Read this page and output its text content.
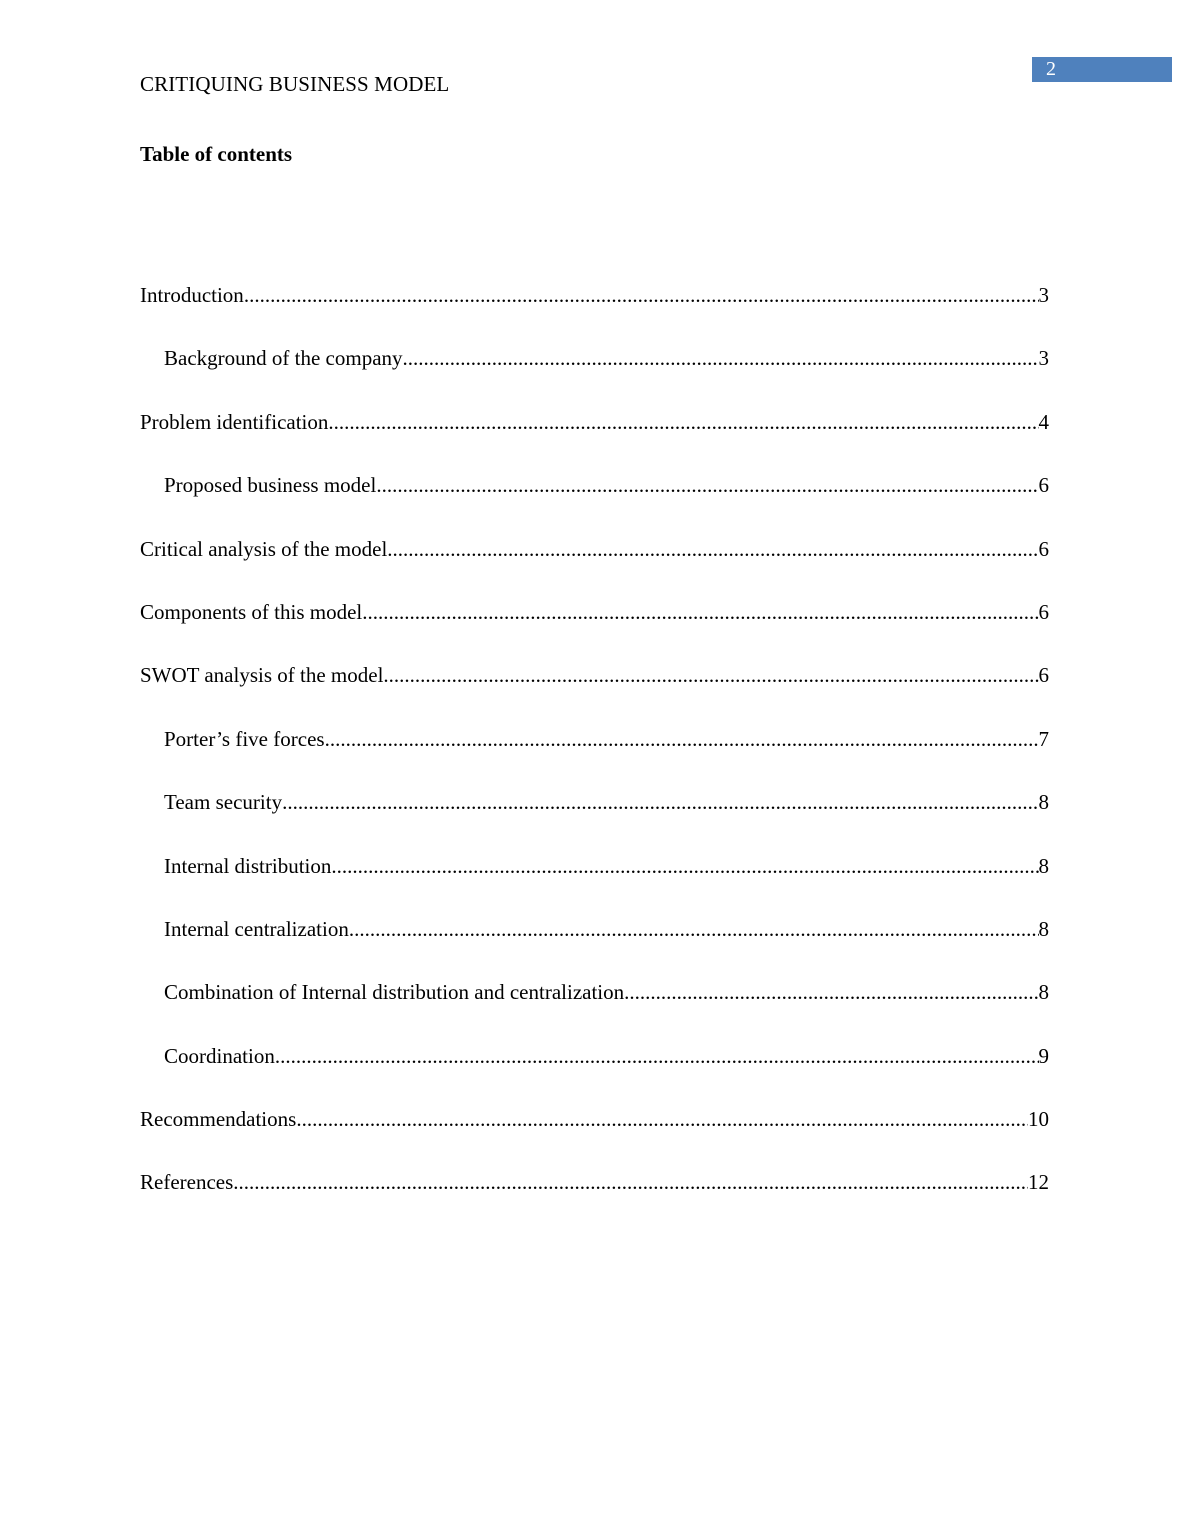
2
CRITIQUING BUSINESS MODEL
Table of contents
Introduction .....	3
Background of the company .....	3
Problem identification .....	4
Proposed business model .....	6
Critical analysis of the model .....	6
Components of this model .....	6
SWOT analysis of the model .....	6
Porter’s five forces .....	7
Team security .....	8
Internal distribution .....	8
Internal centralization .....	8
Combination of Internal distribution and centralization .....	8
Coordination .....	9
Recommendations .....	10
References .....	12
